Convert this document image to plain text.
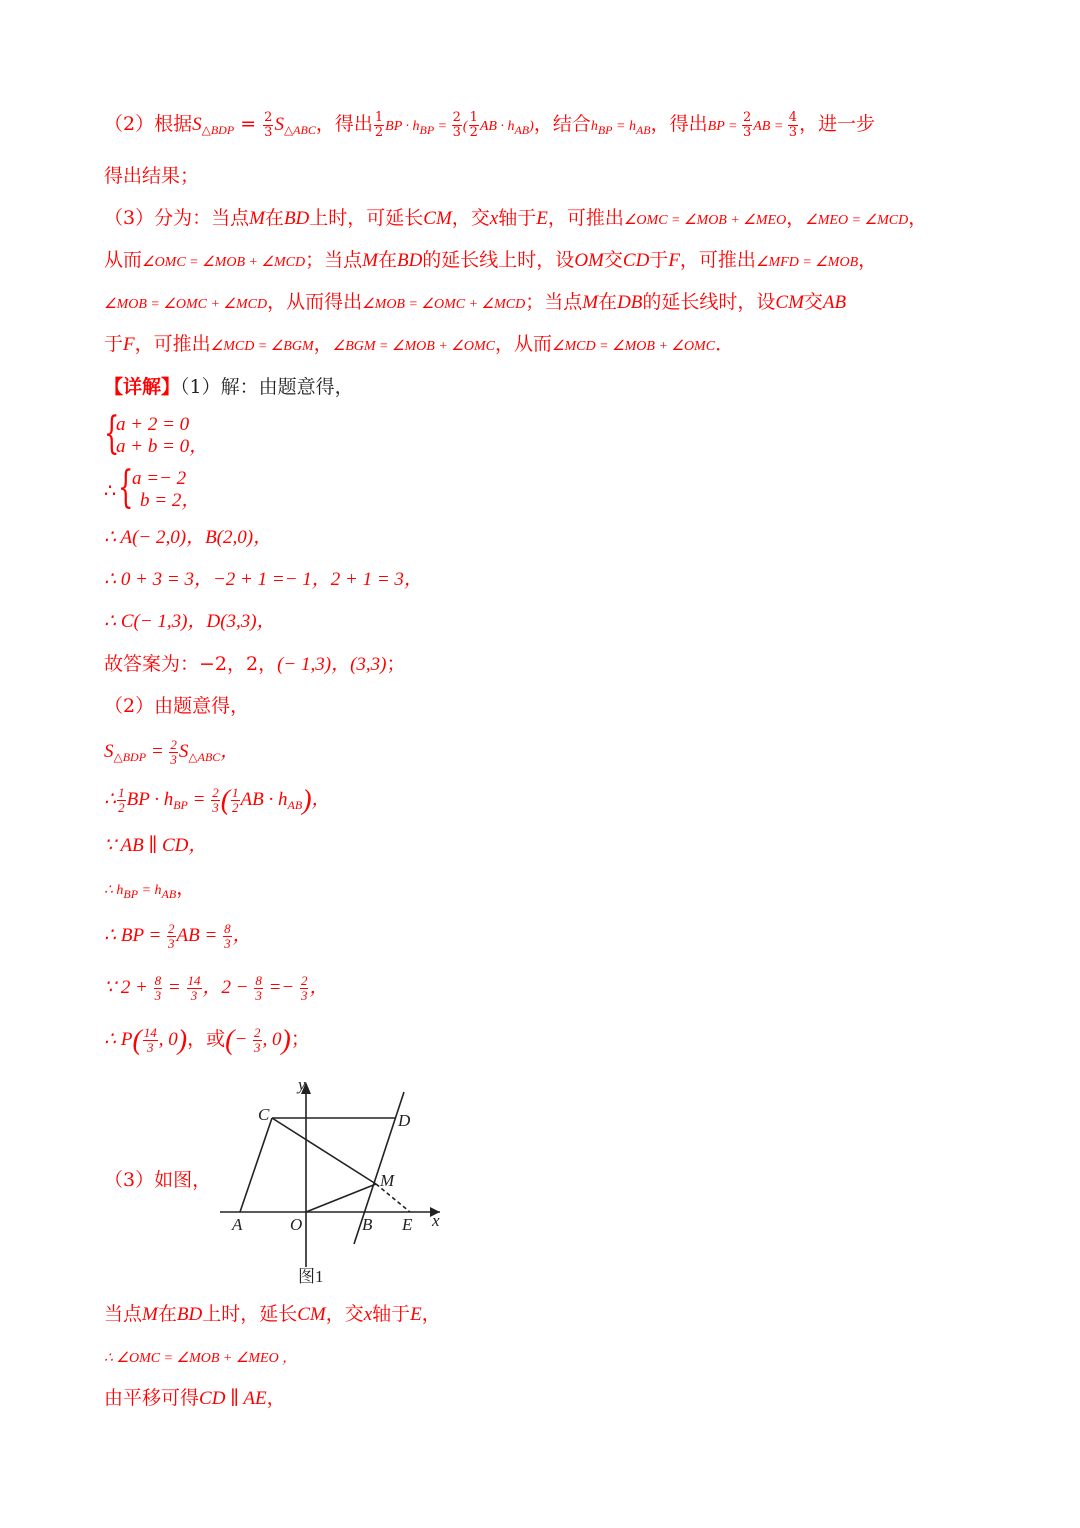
（2）根据$S_{\triangle BDP} = \frac{2}{3} S_{\triangle ABC}$，得出 $\frac{1}{2}$ BP · $h_{BP} = \frac{2}{3}$ ( $\frac{1}{2}$ AB · $h_{AB}$)，结合$h_{BP} = h_{AB}$，得出BP = $\frac{2}{3}$ AB = $\frac{4}{3}$ ，进一步
得出结果；
（3）分为：当点M在BD上时，可延长CM，交x轴于E，可推出∠OMC = ∠MOB + ∠MEO，∠MEO = ∠MCD，
从而∠OMC = ∠MOB + ∠MCD；当点M在BD的延长线上时，设OM交CD于F，可推出∠MFD = ∠MOB，
∠MOB = ∠OMC + ∠MCD，从而得出∠MOB = ∠OMC + ∠MCD；当点M在DB的延长线时，设CM交AB
于F，可推出∠MCD = ∠BGM，∠BGM = ∠MOB + ∠OMC，从而∠MCD = ∠MOB + ∠OMC．
【详解】（1）解：由题意得，
{
a + 2 = 0
a + b = 0，
∴ {
a =− 2
b = 2，
∴ A(− 2,0)，B(2,0)，
∴ 0 + 3 = 3，−2 + 1 =− 1，2 + 1 = 3，
∴ C(− 1,3)，D(3,3)，
故答案为：−2，2，(− 1,3)，(3,3)；
（2）由题意得，
$S_{\triangle BDP} = \frac{2}{3} S_{\triangle ABC}$，
∴ $\frac{1}{2}$ BP · $h_{BP} = \frac{2}{3}$ ( $\frac{1}{2}$ AB · $h_{AB}$)，
∵ AB ∥ CD，
∴ $h_{BP} = h_{AB}$，
∴ BP = $\frac{2}{3}$ AB = $\frac{8}{3}$ ，
∵ $2 + \frac{8}{3} = \frac{14}{3}$ ，$2 - \frac{8}{3} =- \frac{2}{3}$ ，
∴ $P( \frac{14}{3}$ , 0)，或(− $\frac{2}{3}$ , 0)；
（3）如图，
y
x
C	D
M
A	O	B E
图1
当点M在BD上时，延长CM，交x轴于E，
∴ ∠OMC = ∠MOB + ∠MEO ，
由平移可得CD ∥ AE，
